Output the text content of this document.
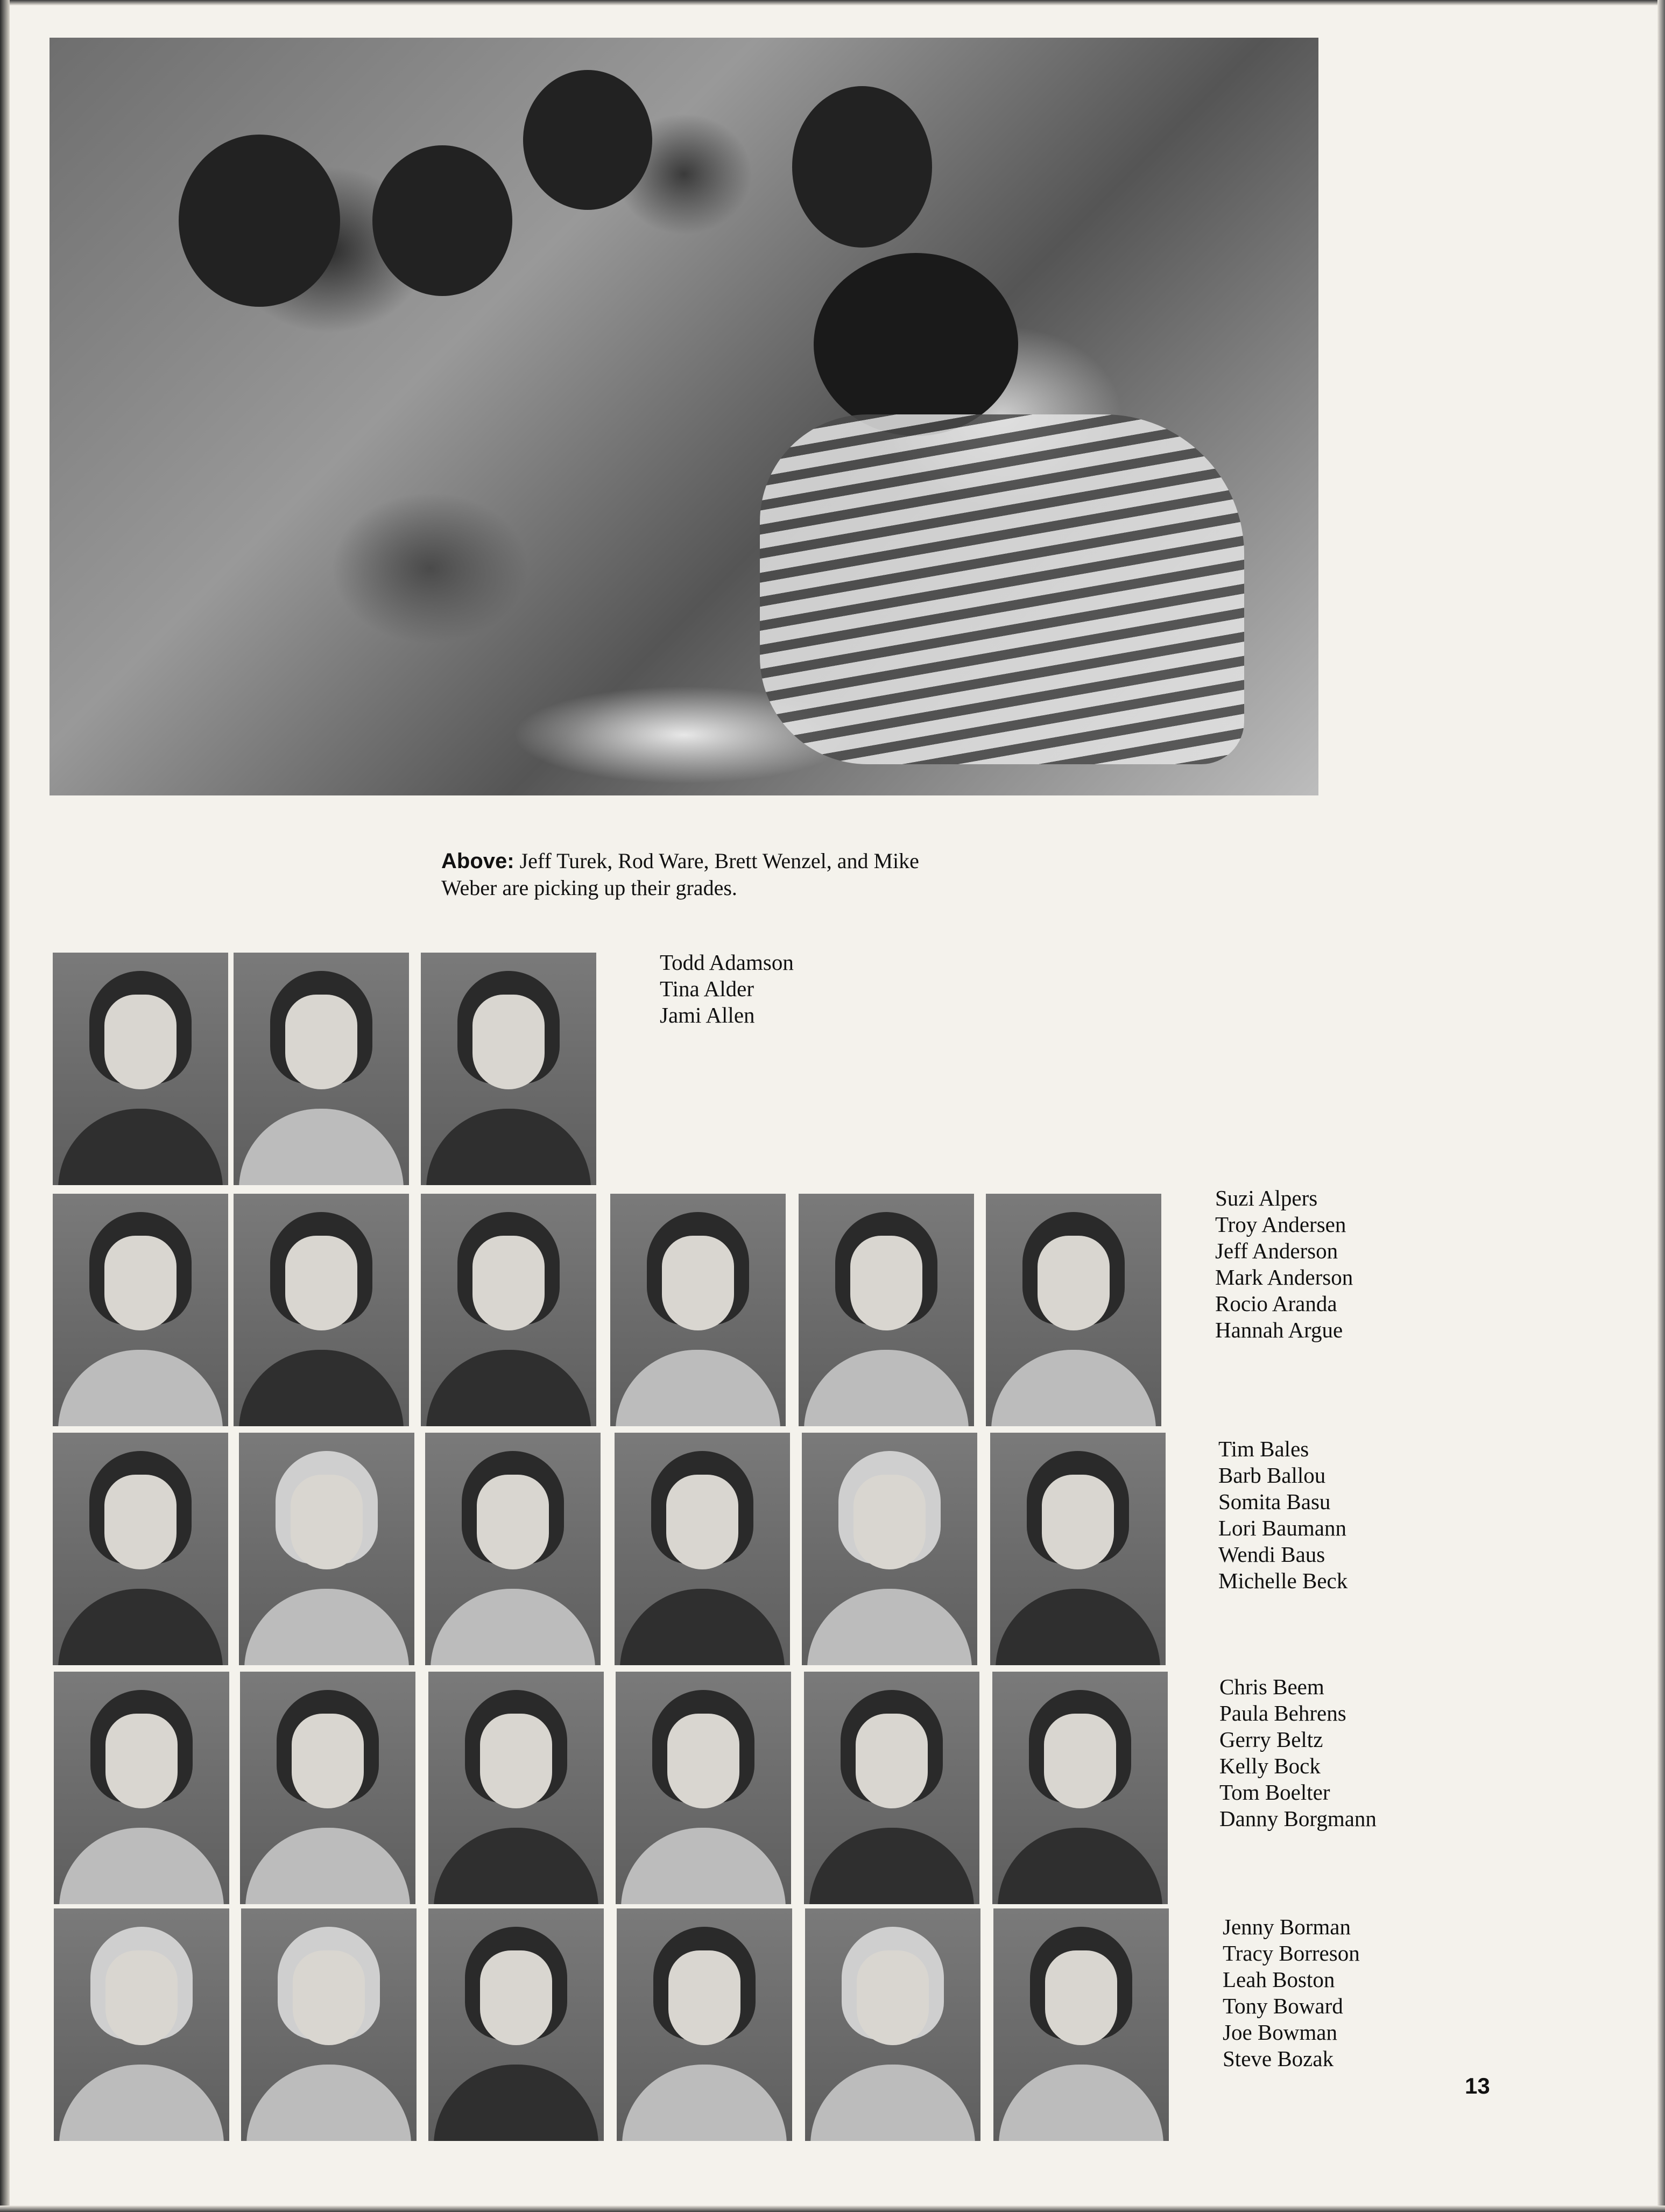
Above: Jeff Turek, Rod Ware, Brett Wenzel, and Mike Weber are picking up their grades.
Todd Adamson
Tina Alder
Jami Allen
Suzi Alpers
Troy Andersen
Jeff Anderson
Mark Anderson
Rocio Aranda
Hannah Argue
Tim Bales
Barb Ballou
Somita Basu
Lori Baumann
Wendi Baus
Michelle Beck
Chris Beem
Paula Behrens
Gerry Beltz
Kelly Bock
Tom Boelter
Danny Borgmann
Jenny Borman
Tracy Borreson
Leah Boston
Tony Boward
Joe Bowman
Steve Bozak
13
